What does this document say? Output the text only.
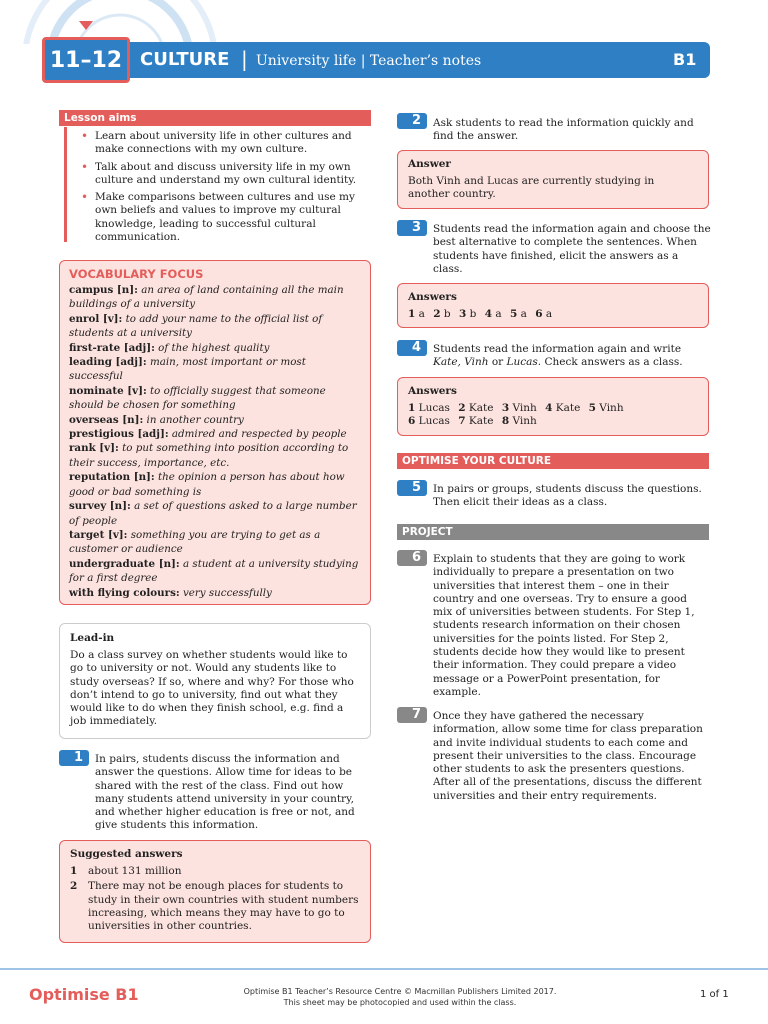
11–12 CULTURE | University life | Teacher’s notes	B1
Lesson aims
• Learn about university life in other cultures and make connections with my own culture.
• Talk about and discuss university life in my own culture and understand my own cultural identity.
• Make comparisons between cultures and use my own beliefs and values to improve my cultural knowledge, leading to successful cultural communication.
VOCABULARY FOCUS
campus [n]: an area of land containing all the main buildings of a university
enrol [v]: to add your name to the official list of students at a university
first-rate [adj]: of the highest quality
leading [adj]: main, most important or most successful
nominate [v]: to officially suggest that someone should be chosen for something
overseas [n]: in another country
prestigious [adj]: admired and respected by people
rank [v]: to put something into position according to their success, importance, etc.
reputation [n]: the opinion a person has about how good or bad something is
survey [n]: a set of questions asked to a large number of people
target [v]: something you are trying to get as a customer or audience
undergraduate [n]: a student at a university studying for a first degree
with flying colours: very successfully
Lead-in
Do a class survey on whether students would like to go to university or not. Would any students like to study overseas? If so, where and why? For those who don’t intend to go to university, find out what they would like to do when they finish school, e.g. find a job immediately.
1	In pairs, students discuss the information and answer the questions. Allow time for ideas to be shared with the rest of the class. Find out how many students attend university in your country, and whether higher education is free or not, and give students this information.
Suggested answers
1 about 131 million
2 There may not be enough places for students to study in their own countries with student numbers increasing, which means they may have to go to universities in other countries.
2	Ask students to read the information quickly and find the answer.
Answer
Both Vinh and Lucas are currently studying in another country.
3	Students read the information again and choose the best alternative to complete the sentences. When students have finished, elicit the answers as a class.
Answers
1 a 2 b 3 b 4 a 5 a 6 a
4	Students read the information again and write Kate, Vinh or Lucas. Check answers as a class.
Answers
1 Lucas 2 Kate 3 Vinh 4 Kate 5 Vinh
6 Lucas 7 Kate 8 Vinh
OPTIMISE YOUR CULTURE
5	In pairs or groups, students discuss the questions. Then elicit their ideas as a class.
PROJECT
6	Explain to students that they are going to work individually to prepare a presentation on two universities that interest them – one in their country and one overseas. Try to ensure a good mix of universities between students. For Step 1, students research information on their chosen universities for the points listed. For Step 2, students decide how they would like to present their information. They could prepare a video message or a PowerPoint presentation, for example.
7	Once they have gathered the necessary information, allow some time for class preparation and invite individual students to each come and present their universities to the class. Encourage other students to ask the presenters questions. After all of the presentations, discuss the different universities and their entry requirements.
Optimise B1	Optimise B1 Teacher’s Resource Centre © Macmillan Publishers Limited 2017.
This sheet may be photocopied and used within the class.
1 of 1
